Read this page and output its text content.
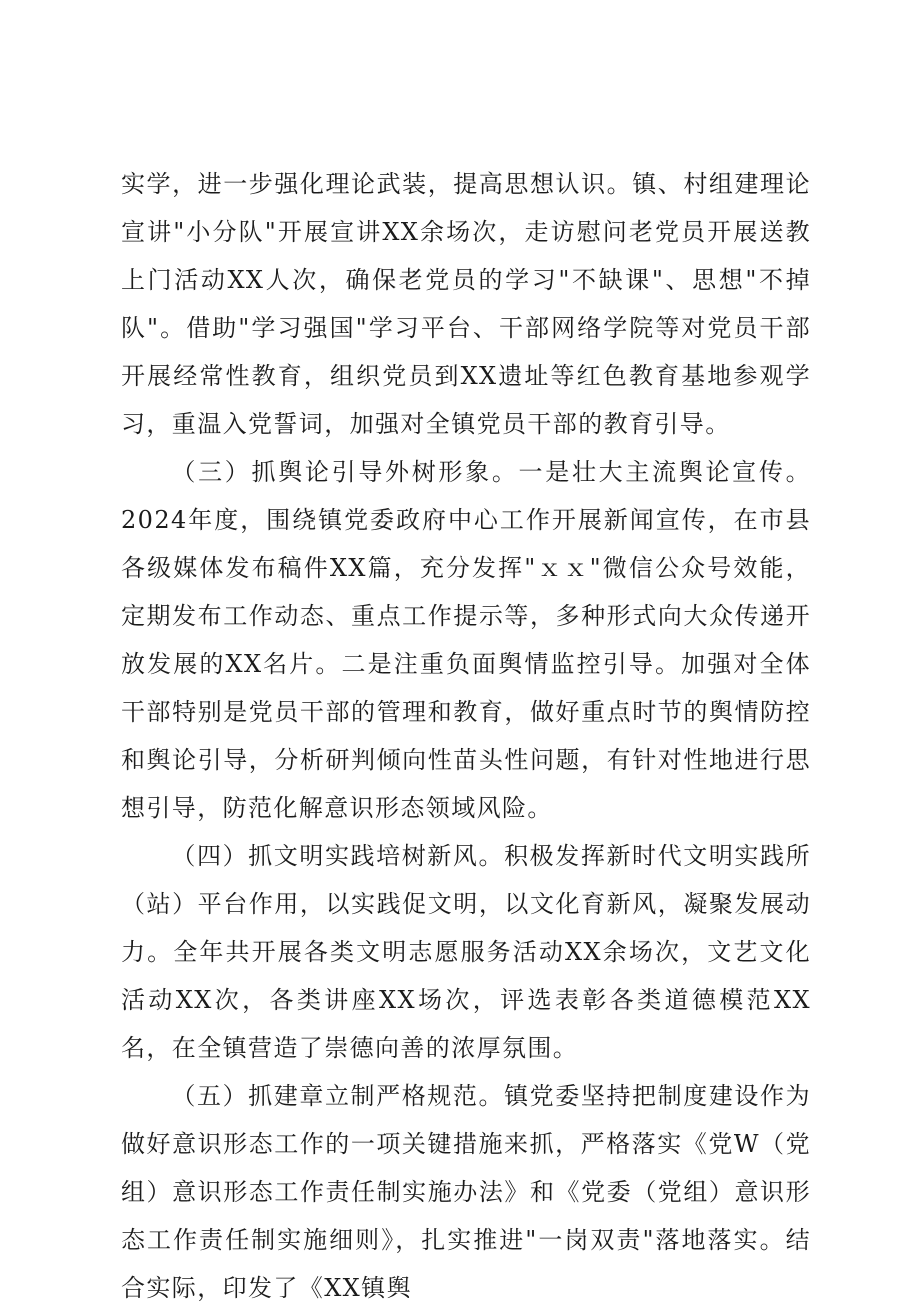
实学，进一步强化理论武装，提高思想认识。镇、村组建理论宣讲"小分队"开展宣讲XX余场次，走访慰问老党员开展送教上门活动XX人次，确保老党员的学习"不缺课"、思想"不掉队"。借助"学习强国"学习平台、干部网络学院等对党员干部开展经常性教育，组织党员到XX遗址等红色教育基地参观学习，重温入党誓词，加强对全镇党员干部的教育引导。

（三）抓舆论引导外树形象。一是壮大主流舆论宣传。2024年度，围绕镇党委政府中心工作开展新闻宣传，在市县各级媒体发布稿件XX篇，充分发挥"ｘｘ"微信公众号效能，定期发布工作动态、重点工作提示等，多种形式向大众传递开放发展的XX名片。二是注重负面舆情监控引导。加强对全体干部特别是党员干部的管理和教育，做好重点时节的舆情防控和舆论引导，分析研判倾向性苗头性问题，有针对性地进行思想引导，防范化解意识形态领域风险。

（四）抓文明实践培树新风。积极发挥新时代文明实践所（站）平台作用，以实践促文明，以文化育新风，凝聚发展动力。全年共开展各类文明志愿服务活动XX余场次，文艺文化活动XX次，各类讲座XX场次，评选表彰各类道德模范XX名，在全镇营造了崇德向善的浓厚氛围。

（五）抓建章立制严格规范。镇党委坚持把制度建设作为做好意识形态工作的一项关键措施来抓，严格落实《党W（党组）意识形态工作责任制实施办法》和《党委（党组）意识形态工作责任制实施细则》，扎实推进"一岗双责"落地落实。结合实际，印发了《XX镇舆
